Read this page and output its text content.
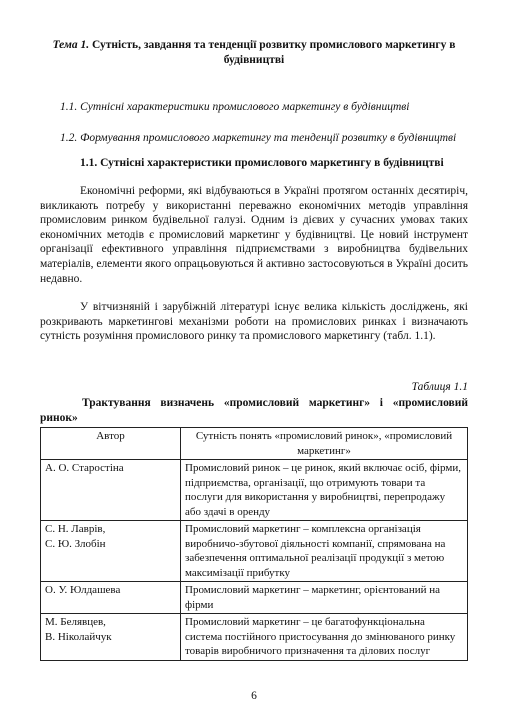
Тема 1. Сутність, завдання та тенденції розвитку промислового маркетингу в будівництві
1.1. Сутнісні характеристики промислового маркетингу в будівництві
1.2. Формування промислового маркетингу та тенденції розвитку в будівництві
1.1. Сутнісні характеристики промислового маркетингу в будівництві
Економічні реформи, які відбуваються в Україні протягом останніх десятиріч, викликають потребу у використанні переважно економічних методів управління промисловим ринком будівельної галузі. Одним із дієвих у сучасних умовах таких економічних методів є промисловий маркетинг у будівництві. Це новий інструмент організації ефективного управління підприємствами з виробництва будівельних матеріалів, елементи якого опрацьовуються й активно застосовуються в Україні досить недавно.
У вітчизняній і зарубіжній літературі існує велика кількість досліджень, які розкривають маркетингові механізми роботи на промислових ринках і визначають сутність розуміння промислового ринку та промислового маркетингу (табл. 1.1).
Таблиця 1.1
Трактування визначень «промисловий маркетинг» і «промисловий ринок»
Автор	Сутність понять «промисловий ринок», «промисловий маркетинг»
А. О. Старостіна	Промисловий ринок – це ринок, який включає осіб, фірми, підприємства, організації, що отримують товари та послуги для використання у виробництві, перепродажу або здачі в оренду
С. Н. Лаврів,
С. Ю. Злобін	Промисловий маркетинг – комплексна організація виробничо-збутової діяльності компанії, спрямована на забезпечення оптимальної реалізації продукції з метою максимізації прибутку
О. У. Юлдашева	Промисловий маркетинг – маркетинг, орієнтований на фірми
М. Белявцев,
В. Ніколайчук	Промисловий маркетинг – це багатофункціональна система постійного пристосування до змінюваного ринку товарів виробничого призначення та ділових послуг
6
